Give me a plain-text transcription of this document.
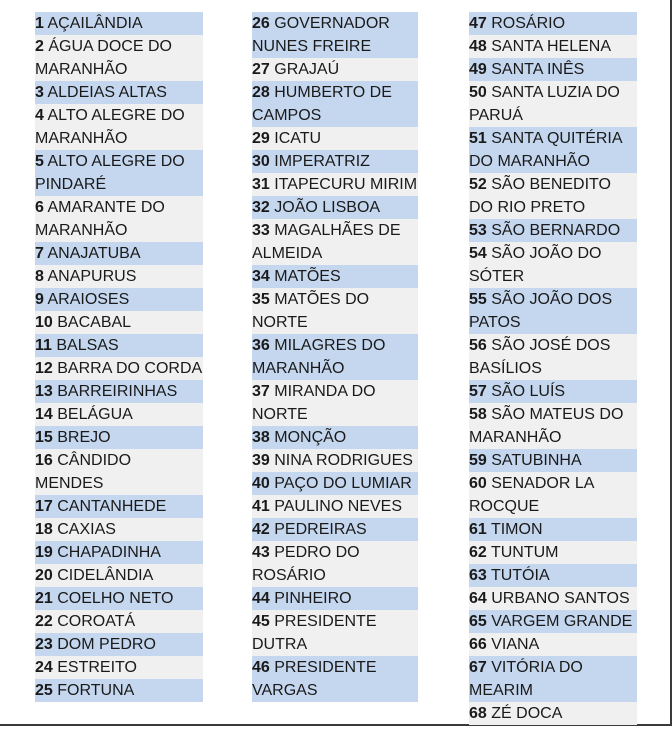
1 AÇAILÂNDIA
2 ÁGUA DOCE DO MARANHÃO
3 ALDEIAS ALTAS
4 ALTO ALEGRE DO MARANHÃO
5 ALTO ALEGRE DO PINDARÉ
6 AMARANTE DO MARANHÃO
7 ANAJATUBA
8 ANAPURUS
9 ARAIOSES
10 BACABAL
11 BALSAS
12 BARRA DO CORDA
13 BARREIRINHAS
14 BELÁGUA
15 BREJO
16 CÂNDIDO MENDES
17 CANTANHEDE
18 CAXIAS
19 CHAPADINHA
20 CIDELÂNDIA
21 COELHO NETO
22 COROATÁ
23 DOM PEDRO
24 ESTREITO
25 FORTUNA
26 GOVERNADOR NUNES FREIRE
27 GRAJAÚ
28 HUMBERTO DE CAMPOS
29 ICATU
30 IMPERATRIZ
31 ITAPECURU MIRIM
32 JOÃO LISBOA
33 MAGALHÃES DE ALMEIDA
34 MATÕES
35 MATÕES DO NORTE
36 MILAGRES DO MARANHÃO
37 MIRANDA DO NORTE
38 MONÇÃO
39 NINA RODRIGUES
40 PAÇO DO LUMIAR
41 PAULINO NEVES
42 PEDREIRAS
43 PEDRO DO ROSÁRIO
44 PINHEIRO
45 PRESIDENTE DUTRA
46 PRESIDENTE VARGAS
47 ROSÁRIO
48 SANTA HELENA
49 SANTA INÊS
50 SANTA LUZIA DO PARUÁ
51 SANTA QUITÉRIA DO MARANHÃO
52 SÃO BENEDITO DO RIO PRETO
53 SÃO BERNARDO
54 SÃO JOÃO DO SÓTER
55 SÃO JOÃO DOS PATOS
56 SÃO JOSÉ DOS BASÍLIOS
57 SÃO LUÍS
58 SÃO MATEUS DO MARANHÃO
59 SATUBINHA
60 SENADOR LA ROCQUE
61 TIMON
62 TUNTUM
63 TUTÓIA
64 URBANO SANTOS
65 VARGEM GRANDE
66 VIANA
67 VITÓRIA DO MEARIM
68 ZÉ DOCA
